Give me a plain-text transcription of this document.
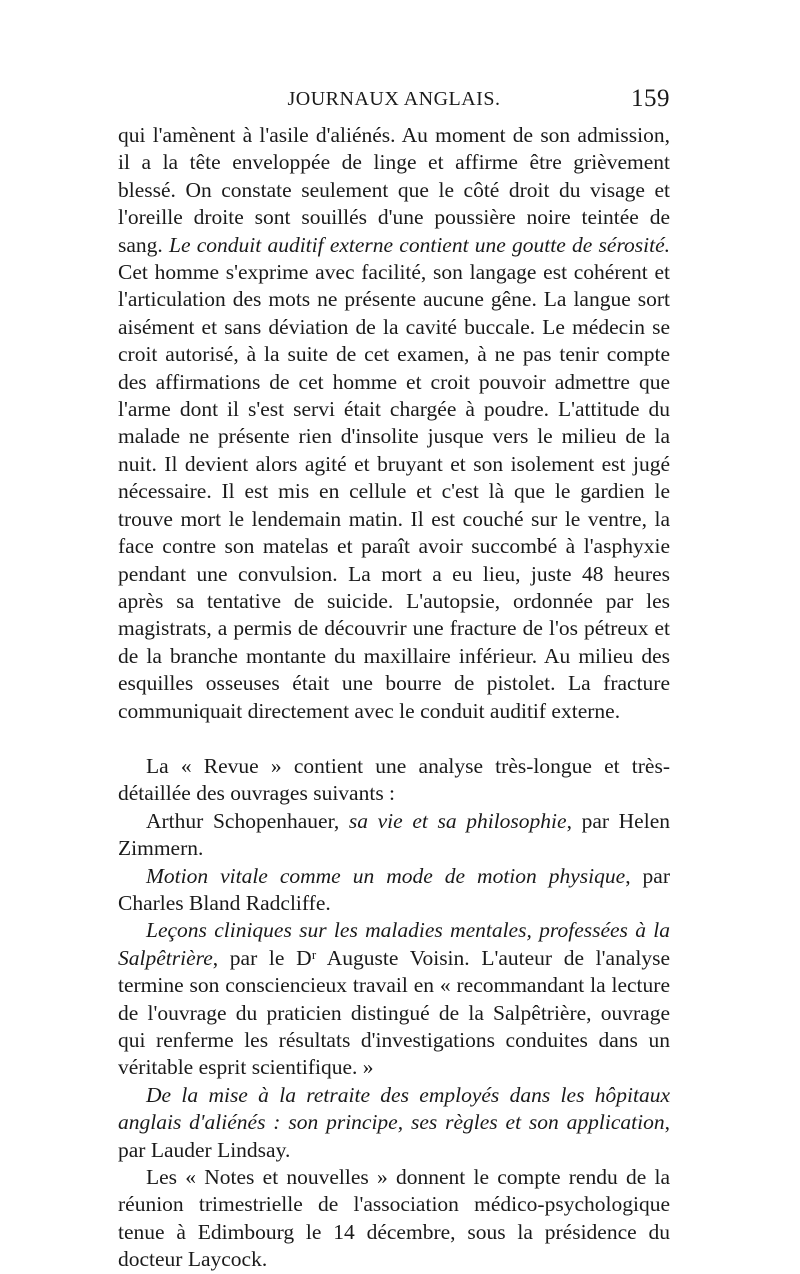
JOURNAUX ANGLAIS.	159

qui l'amènent à l'asile d'aliénés. Au moment de son admission, il a la tête enveloppée de linge et affirme être grièvement blessé. On constate seulement que le côté droit du visage et l'oreille droite sont souillés d'une poussière noire teintée de sang. Le conduit auditif externe contient une goutte de sérosité. Cet homme s'exprime avec facilité, son langage est cohérent et l'articulation des mots ne présente aucune gêne. La langue sort aisément et sans déviation de la cavité buccale. Le médecin se croit autorisé, à la suite de cet examen, à ne pas tenir compte des affirmations de cet homme et croit pouvoir admettre que l'arme dont il s'est servi était chargée à poudre. L'attitude du malade ne présente rien d'insolite jusque vers le milieu de la nuit. Il devient alors agité et bruyant et son isolement est jugé nécessaire. Il est mis en cellule et c'est là que le gardien le trouve mort le lendemain matin. Il est couché sur le ventre, la face contre son matelas et paraît avoir succombé à l'asphyxie pendant une convulsion. La mort a eu lieu, juste 48 heures après sa tentative de suicide. L'autopsie, ordonnée par les magistrats, a permis de découvrir une fracture de l'os pétreux et de la branche montante du maxillaire inférieur. Au milieu des esquilles osseuses était une bourre de pistolet. La fracture communiquait directement avec le conduit auditif externe.

La « Revue » contient une analyse très-longue et très-détaillée des ouvrages suivants :

Arthur Schopenhauer, sa vie et sa philosophie, par Helen Zimmern.

Motion vitale comme un mode de motion physique, par Charles Bland Radcliffe.

Leçons cliniques sur les maladies mentales, professées à la Salpêtrière, par le Dʳ Auguste Voisin. L'auteur de l'analyse termine son consciencieux travail en « recommandant la lecture de l'ouvrage du praticien distingué de la Salpêtrière, ouvrage qui renferme les résultats d'investigations conduites dans un véritable esprit scientifique. »

De la mise à la retraite des employés dans les hôpitaux anglais d'aliénés : son principe, ses règles et son application, par Lauder Lindsay.

Les « Notes et nouvelles » donnent le compte rendu de la réunion trimestrielle de l'association médico-psychologique tenue à Edimbourg le 14 décembre, sous la présidence du docteur Laycock.
